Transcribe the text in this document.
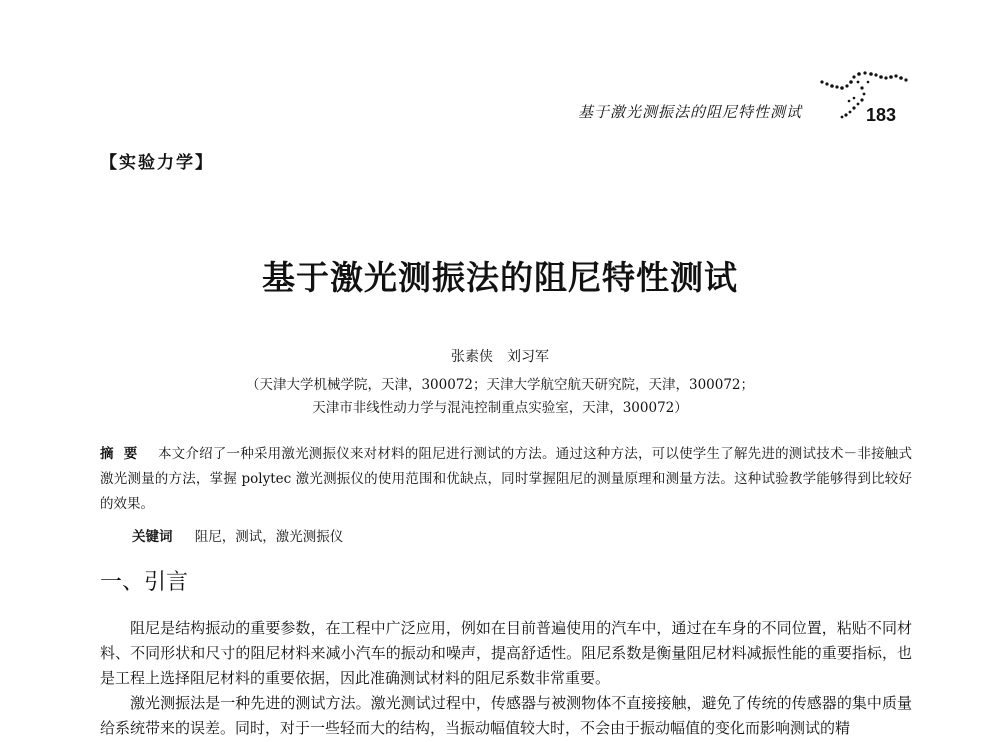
基于激光测振法的阻尼特性测试	183
【实验力学】
基于激光测振法的阻尼特性测试
张素侠　刘习军
（天津大学机械学院，天津，300072；天津大学航空航天研究院，天津，300072；
天津市非线性动力学与混沌控制重点实验室，天津，300072）
摘要 本文介绍了一种采用激光测振仪来对材料的阻尼进行测试的方法。通过这种方法，可以使学生了解先进的测试技术－非接触式激光测量的方法，掌握 polytec 激光测振仪的使用范围和优缺点，同时掌握阻尼的测量原理和测量方法。这种试验教学能够得到比较好的效果。
关键词 阻尼，测试，激光测振仪
一、引言
阻尼是结构振动的重要参数，在工程中广泛应用，例如在目前普遍使用的汽车中，通过在车身的不同位置，粘贴不同材料、不同形状和尺寸的阻尼材料来减小汽车的振动和噪声，提高舒适性。阻尼系数是衡量阻尼材料减振性能的重要指标，也是工程上选择阻尼材料的重要依据，因此准确测试材料的阻尼系数非常重要。
激光测振法是一种先进的测试方法。激光测试过程中，传感器与被测物体不直接接触，避免了传统的传感器的集中质量给系统带来的误差。同时，对于一些轻而大的结构，当振动幅值较大时，不会由于振动幅值的变化而影响测试的精
